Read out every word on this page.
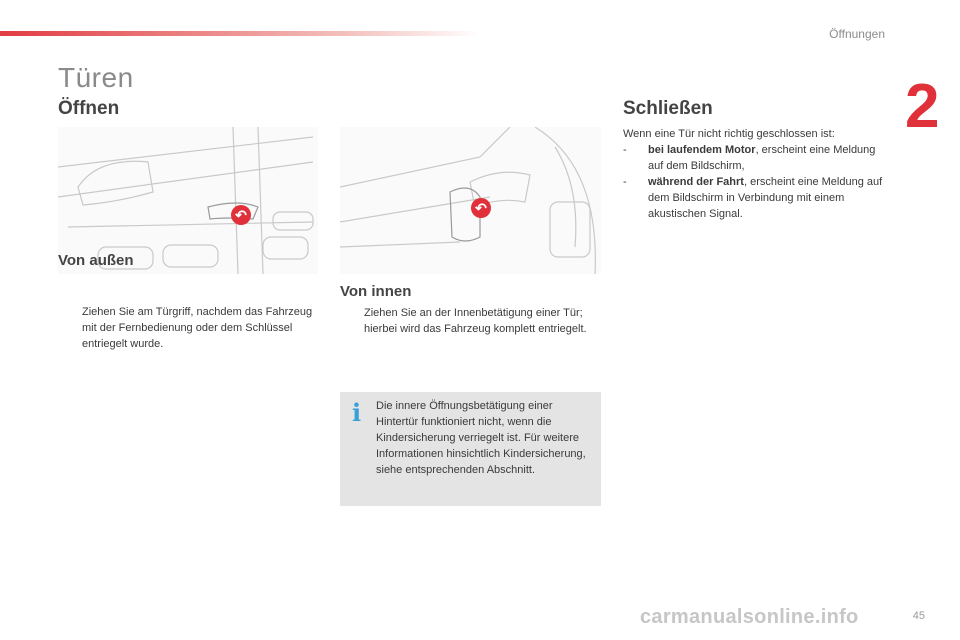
Öffnungen
2
Türen
Öffnen
↶
Von außen
Ziehen Sie am Türgriff, nachdem das Fahrzeug mit der Fernbedienung oder dem Schlüssel entriegelt wurde.
↶
Von innen
Ziehen Sie an der Innenbetätigung einer Tür; hierbei wird das Fahrzeug komplett entriegelt.
i Die innere Öffnungsbetätigung einer Hintertür funktioniert nicht, wenn die Kindersicherung verriegelt ist. Für weitere Informationen hinsichtlich Kindersicherung, siehe entsprechenden Abschnitt.
Schließen
Wenn eine Tür nicht richtig geschlossen ist:
- bei laufendem Motor, erscheint eine Meldung auf dem Bildschirm,
- während der Fahrt, erscheint eine Meldung auf dem Bildschirm in Verbindung mit einem akustischen Signal.
carmanualsonline.info	45
